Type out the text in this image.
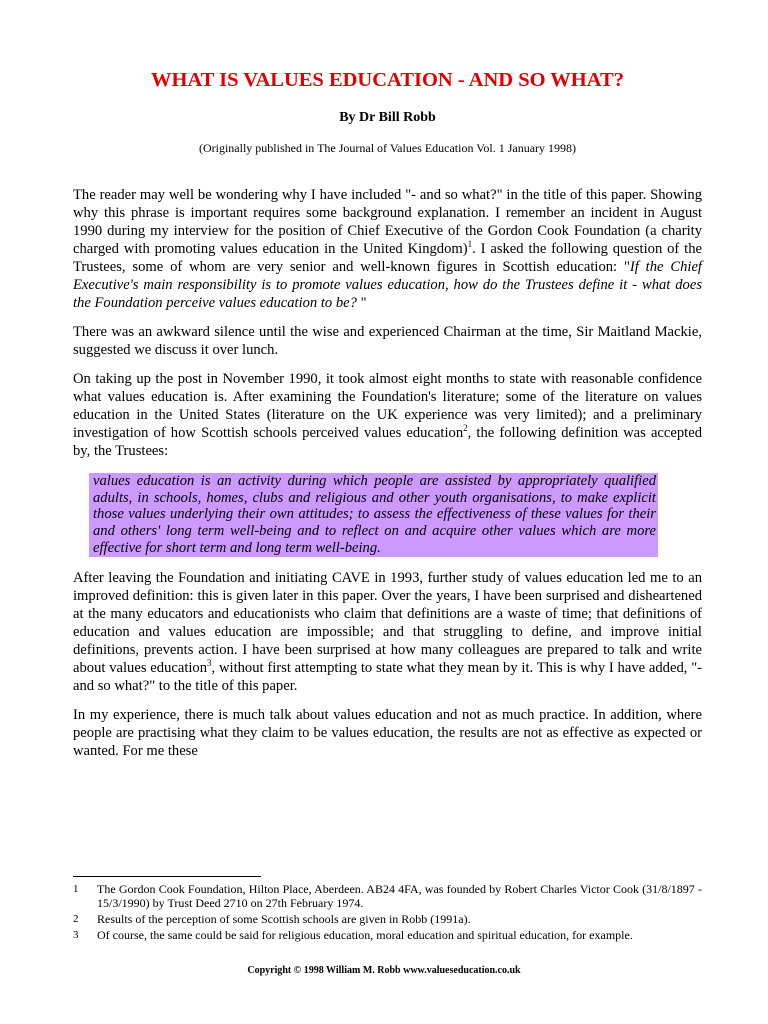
WHAT IS VALUES EDUCATION - AND SO WHAT?
By Dr Bill Robb
(Originally published in The Journal of Values Education Vol. 1 January 1998)

The reader may well be wondering why I have included "- and so what?" in the title of this paper. Showing why this phrase is important requires some background explanation. I remember an incident in August 1990 during my interview for the position of Chief Executive of the Gordon Cook Foundation (a charity charged with promoting values education in the United Kingdom)$^1$. I asked the following question of the Trustees, some of whom are very senior and well-known figures in Scottish education: "If the Chief Executive's main responsibility is to promote values education, how do the Trustees define it - what does the Foundation perceive values education to be? "

There was an awkward silence until the wise and experienced Chairman at the time, Sir Maitland Mackie, suggested we discuss it over lunch.

On taking up the post in November 1990, it took almost eight months to state with reasonable confidence what values education is. After examining the Foundation's literature; some of the literature on values education in the United States (literature on the UK experience was very limited); and a preliminary investigation of how Scottish schools perceived values education$^2$, the following definition was accepted by, the Trustees:

values education is an activity during which people are assisted by appropriately qualified adults, in schools, homes, clubs and religious and other youth organisations, to make explicit those values underlying their own attitudes; to assess the effectiveness of these values for their and others' long term well-being and to reflect on and acquire other values which are more effective for short term and long term well-being.

After leaving the Foundation and initiating CAVE in 1993, further study of values education led me to an improved definition: this is given later in this paper. Over the years, I have been surprised and disheartened at the many educators and educationists who claim that definitions are a waste of time; that definitions of education and values education are impossible; and that struggling to define, and improve initial definitions, prevents action. I have been surprised at how many colleagues are prepared to talk and write about values education$^3$, without first attempting to state what they mean by it. This is why I have added, "- and so what?" to the title of this paper.

In my experience, there is much talk about values education and not as much practice. In addition, where people are practising what they claim to be values education, the results are not as effective as expected or wanted. For me these

1	The Gordon Cook Foundation, Hilton Place, Aberdeen. AB24 4FA, was founded by Robert Charles Victor Cook (31/8/1897 - 15/3/1990) by Trust Deed 2710 on 27th February 1974.
2	Results of the perception of some Scottish schools are given in Robb (1991a).
3	Of course, the same could be said for religious education, moral education and spiritual education, for example.
Copyright © 1998 William M. Robb www.valueseducation.co.uk
